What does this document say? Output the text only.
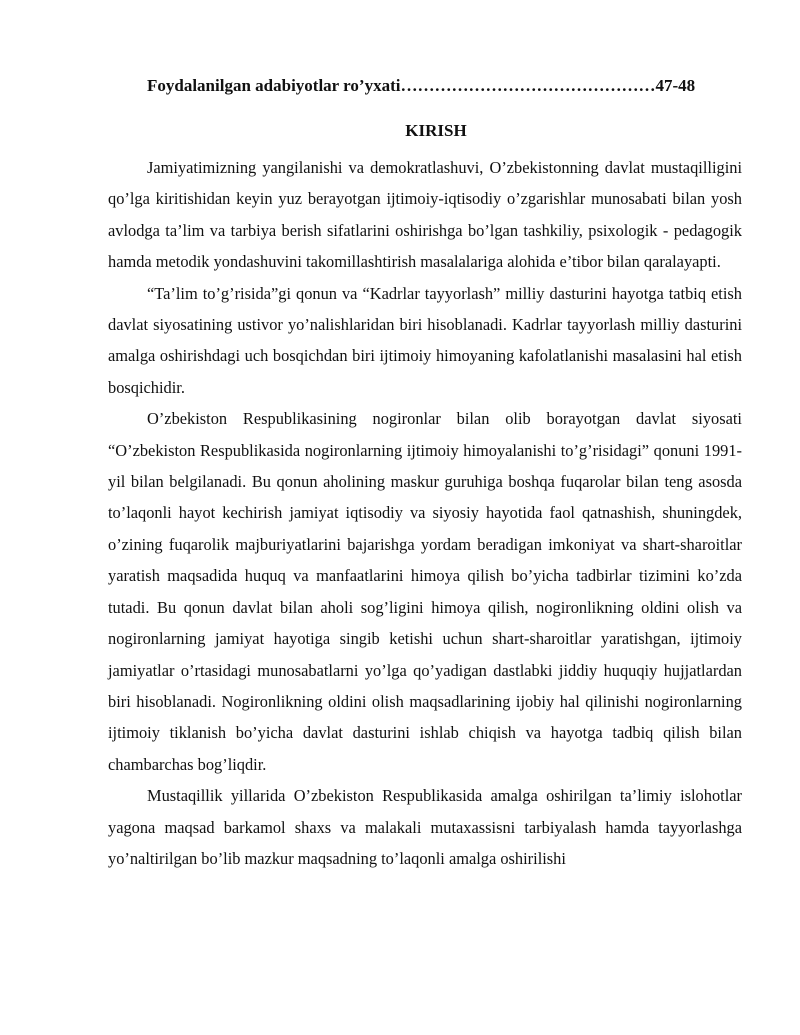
Foydalanilgan adabiyotlar ro’yxati………………………………………47-48
KIRISH

Jamiyatimizning yangilanishi va demokratlashuvi, O’zbekistonning davlat mustaqilligini qo’lga kiritishidan keyin yuz berayotgan ijtimoiy-iqtisodiy o’zgarishlar munosabati bilan yosh avlodga ta’lim va tarbiya berish sifatlarini oshirishga bo’lgan tashkiliy, psixologik - pedagogik hamda metodik yondashuvini takomillashtirish masalalariga alohida e’tibor bilan qaralayapti.

“Ta’lim to’g’risida”gi qonun va “Kadrlar tayyorlash” milliy dasturini hayotga tatbiq etish davlat siyosatining ustivor yo’nalishlaridan biri hisoblanadi. Kadrlar tayyorlash milliy dasturini amalga oshirishdagi uch bosqichdan biri ijtimoiy himoyaning kafolatlanishi masalasini hal etish bosqichidir.

O’zbekiston Respublikasining nogironlar bilan olib borayotgan davlat siyosati “O’zbekiston Respublikasida nogironlarning ijtimoiy himoyalanishi to’g’risidagi” qonuni 1991-yil bilan belgilanadi. Bu qonun aholining maskur guruhiga boshqa fuqarolar bilan teng asosda to’laqonli hayot kechirish jamiyat iqtisodiy va siyosiy hayotida faol qatnashish, shuningdek, o’zining fuqarolik majburiyatlarini bajarishga yordam beradigan imkoniyat va shart-sharoitlar yaratish maqsadida huquq va manfaatlarini himoya qilish bo’yicha tadbirlar tizimini ko’zda tutadi. Bu qonun davlat bilan aholi sog’ligini himoya qilish, nogironlikning oldini olish va nogironlarning jamiyat hayotiga singib ketishi uchun shart-sharoitlar yaratishgan, ijtimoiy jamiyatlar o’rtasidagi munosabatlarni yo’lga qo’yadigan dastlabki jiddiy huquqiy hujjatlardan biri hisoblanadi. Nogironlikning oldini olish maqsadlarining ijobiy hal qilinishi nogironlarning ijtimoiy tiklanish bo’yicha davlat dasturini ishlab chiqish va hayotga tadbiq qilish bilan chambarchas bog’liqdir.

Mustaqillik yillarida O’zbekiston Respublikasida amalga oshirilgan ta’limiy islohotlar yagona maqsad barkamol shaxs va malakali mutaxassisni tarbiyalash hamda tayyorlashga yo’naltirilgan bo’lib mazkur maqsadning to’laqonli amalga oshirilishi
